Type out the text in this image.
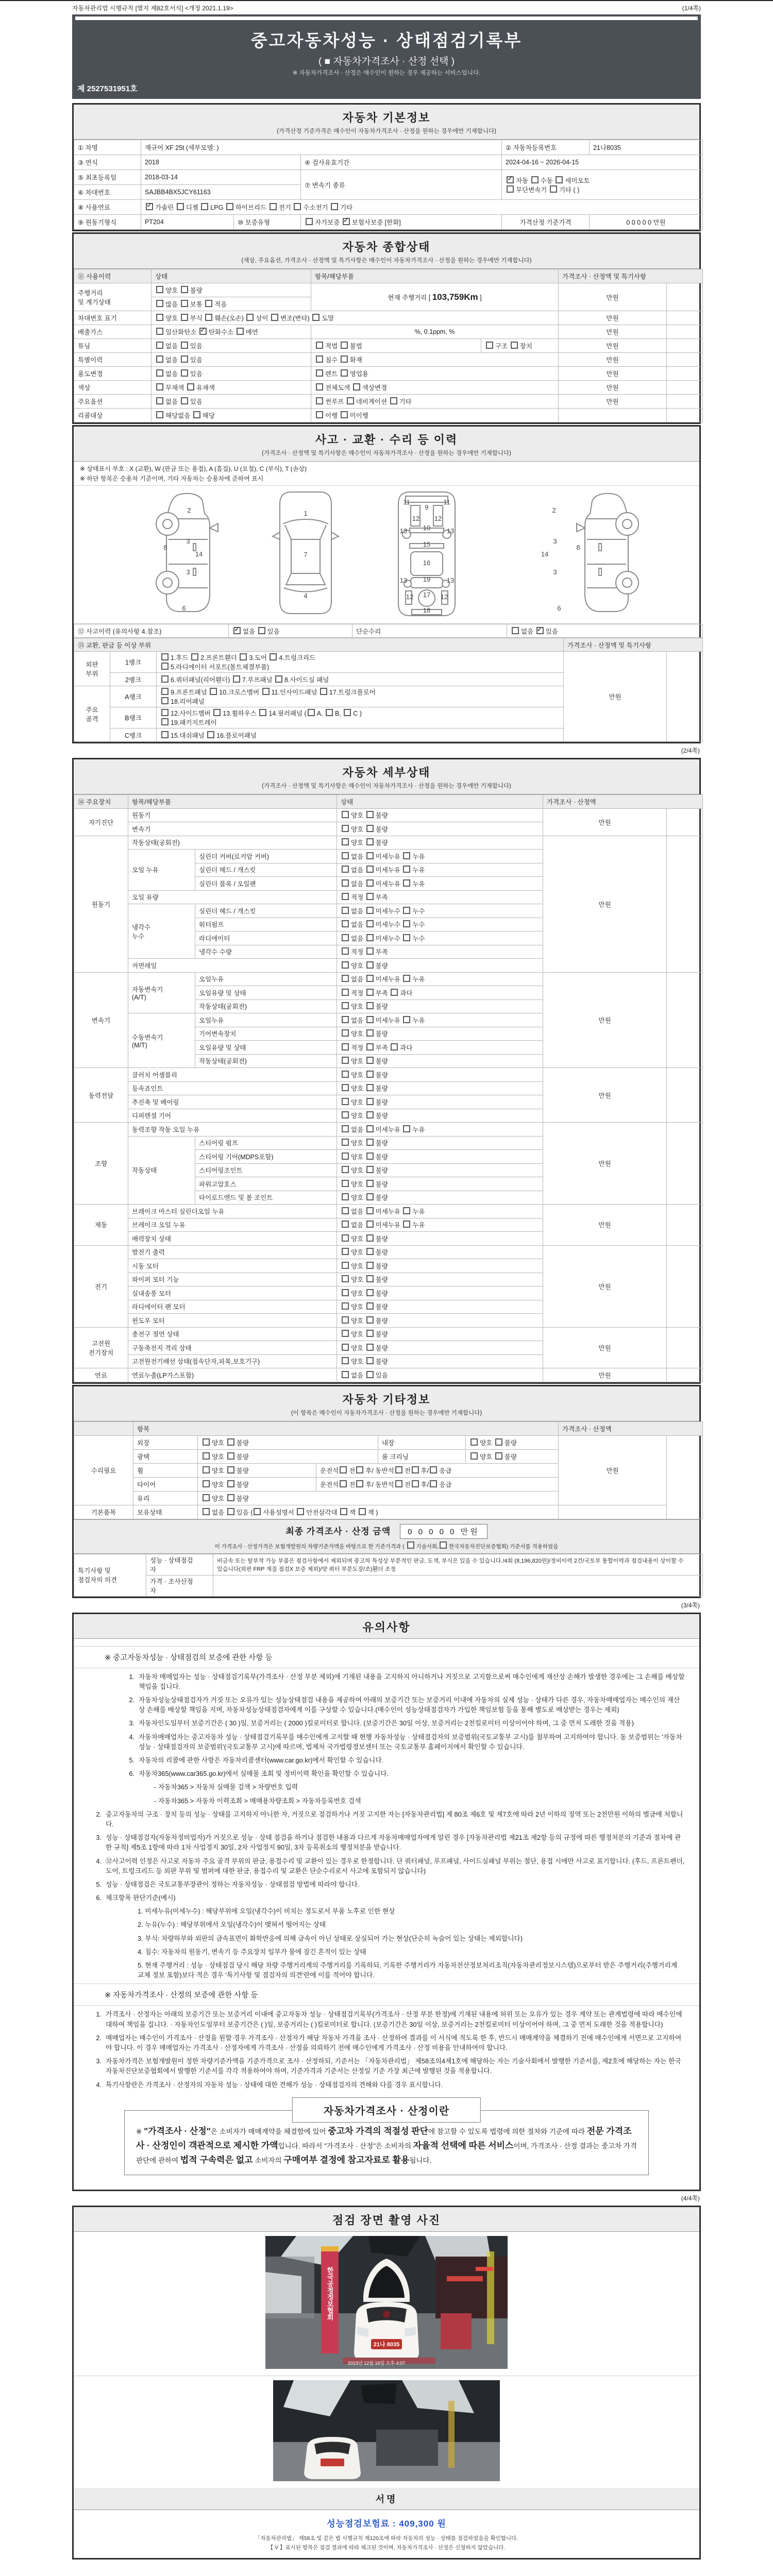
자동차관리법 시행규칙 [별지 제82호서식] <개정 2021.1.19>	(1/4쪽)
중고자동차성능 · 상태점검기록부
( ■ 자동차가격조사 · 산정 선택 )
※ 자동차가격조사 · 산정은 매수인이 원하는 경우 제공하는 서비스입니다.
제 2527531951호
자동차 기본정보

(가격산정 기준가격은 매수인이 자동차가격조사 · 산정을 원하는 경우에만 기재합니다)

① 차명	재규어 XF 25t (세부모델: )			② 자동차등록번호	21나8035
③ 연식	2018		④ 검사유효기간	2024-04-16 ~ 2026-04-15	
⑤ 최초등록일	2018-03-14		⑦ 변속기 종류	✓자동 수동 세미오토
무단변속기 기타 ( )
⑥ 차대번호	SAJBB4BX5JCY61163				
⑧ 사용연료	✓가솔린 디젤 LPG 하이브리드 전기 수소전기 기타
⑨ 원동기형식	PT204	⑩ 보증유형	자가보증 ✓보험사보증 [한화]	가격산정 기준가격	0 0 0 0 0 만원
자동차 종합상태

(색상, 주요옵션, 가격조사 · 산정액 및 특기사항은 매수인이 자동차가격조사 · 산정을 원하는 경우에만 기재합니다)

⑪ 사용이력	상태	항목/해당부품		가격조사 · 산정액 및 특기사항	
주행거리
및 계기상태	양호 불량	현재 주행거리 [ 103,759Km ]		만원	
	많음 보통 적음				
차대번호 표기	양호 부식 훼손(오손) 상이 변조(변타) 도말			만원	
배출가스	일산화탄소 ✓탄화수소 매연	%, 0.1ppm, %		만원	
튜닝	없음 있음	적법 불법	구조 장치	만원	
특별이력	없음 있음	침수 화재		만원	
용도변경	없음 있음	렌트 영업용		만원	
색상	무채색 유채색	전체도색 색상변경		만원	
주요옵션	없음 있음	썬루프 네비게이션 기타		만원	
리콜대상	해당없음 해당	이행 미이행			
사고 · 교환 · 수리 등 이력

(가격조사 · 산정액 및 특기사항은 매수인이 자동차가격조사 · 산정을 원하는 경우에만 기재합니다)

※ 상태표시 부호 : X (교환), W (판금 또는 용접), A (흠집), U (요철), C (부식), T (손상)
※ 하단 항목은 승용차 기준이며, 기타 자동차는 승용차에 준하여 표시
2
8
3
14
3
6
1
7
4
11
9
11
12 12
13	13
10
15
16
13 19 13
17
12	12
18
2
8
3
14
3
6
⑫ 사고이력 (유의사항 4.참조)	✓없음 있음	단순수리	없음 ✓있음
⑬ 교환, 판금 등 이상 부위			가격조사 · 산정액 및 특기사항	
외판
부위	1랭크	1.후드 2.프론트휀더 3.도어 4.트렁크리드
5.라디에이터 서포트(볼트체결부품)	만원	
	2랭크	6.쿼터패널(리어휀더) 7.루프패널 8.사이드실 패널		
주요
골격	A랭크	9.프론트패널 10.크로스멤버 11.인사이드패널 17.트렁크플로어
18.리어패널		
	B랭크	12.사이드멤버 13.휠하우스 14.필러패널 ( A, B, C )
19.패키지트레이		
	C랭크	15.대쉬패널 16.플로어패널		
(2/4쪽)
자동차 세부상태

(가격조사 · 산정액 및 특기사항은 매수인이 자동차가격조사 · 산정을 원하는 경우에만 기재합니다)

⑭ 주요장치	항목/해당부품		상태	가격조사 · 산정액	
자기진단	원동기		양호 불량	만원	
	변속기		양호 불량		
원동기	작동상태(공회전)		양호 불량	만원	
	오일 누유	실린더 커버(로커암 커버)	없음 미세누유 누유		
		실린더 헤드 / 개스킷	없음 미세누유 누유		
		실린더 블록 / 오일팬	없음 미세누유 누유		
	오일 유량		적정 부족		
	냉각수
누수	실린더 헤드 / 개스킷	없음 미세누수 누수		
		워터펌프	없음 미세누수 누수		
		라디에이터	없음 미세누수 누수		
		냉각수 수량	적정 부족		
	커먼레일		양호 불량		
변속기	자동변속기
(A/T)	오일누유	없음 미세누유 누유	만원	
		오일유량 및 상태	적정 부족 과다		
		작동상태(공회전)	양호 불량		
	수동변속기
(M/T)	오일누유	없음 미세누유 누유		
		기어변속장치	양호 불량		
		오일유량 및 상태	적정 부족 과다		
		작동상태(공회전)	양호 불량		
동력전달	클러치 어셈블리		양호 불량	만원	
	등속죠인트		양호 불량		
	추진축 및 베어링		양호 불량		
	디퍼렌셜 기어		양호 불량		
조향	동력조향 작동 오일 누유		없음 미세누유 누유	만원	
	작동상태	스티어링 펌프	양호 불량		
		스티어링 기어(MDPS포함)	양호 불량		
		스티어링조인트	양호 불량		
		파워고압호스	양호 불량		
		타이로드엔드 및 볼 조인트	양호 불량		
제동	브레이크 마스터 실린더오일 누유		없음 미세누유 누유	만원	
	브레이크 오일 누유		없음 미세누유 누유		
	배력장치 상태		양호 불량		
전기	발전기 출력		양호 불량	만원	
	시동 모터		양호 불량		
	와이퍼 모터 기능		양호 불량		
	실내송풍 모터		양호 불량		
	라디에이터 팬 모터		양호 불량		
	윈도우 모터		양호 불량		
고전원
전기장치	충전구 절연 상태		양호 불량	만원	
	구동축전지 격리 상태		양호 불량		
	고전원전기배선 상태(접속단자,피복,보호기구)		양호 불량		
연료	연료누출(LP가스포함)		없음 있음	만원	
자동차 기타정보

(이 항목은 매수인이 자동차가격조사 · 산정을 원하는 경우에만 기재합니다)

	항목					가격조사 · 산정액	
수리필요	외장	양호 불량		내장	양호 불량	만원	
	광택	양호 불량		룸 크리닝	양호 불량		
	휠	양호 불량	운전석 전 후/ 동반석 전 후/ 응급				
	타이어	양호 불량	운전석 전 후/ 동반석 전 후/ 응급				
	유리	양호 불량					
기본품목	보유상태	없음 있음 ( 사용설명서 안전삼각대 잭 잭 )					
최종 가격조사 · 산정 금액 0 0 0 0 0 만원
이 가격조사 · 산정가격은 보험개발원의 차량기준가액을 바탕으로 한 기준가격과 ( 기술사회, 한국자동차진단보증협회) 기준서를 적용하였음
특기사항 및
점검자의 의견	성능 · 상태점검
자	비금속 또는 탈부착 가능 부품은 점검사항에서 제외되며 중고차 특성상 부분적인 판금, 도색, 부식은 있을 수 있습니다./4회 (8,196,820원)/정비이력 2건/국토부 통합이력과 점검내용이 상이할 수 있습니다(외판 FRP 재질 점검X 보증 제외)/양 쿼터 부분도장/조)휀더 조정
	가격 · 조사산정
자	
(3/4쪽)
유의사항
※ 중고자동차성능 · 상태점검의 보증에 관한 사항 등
1. 자동차 매매업자는 성능 · 상태점검기록부(가격조사 · 산정 부분 제외)에 기재된 내용을 고지하지 아니하거나 거짓으로 고지함으로써 매수인에게 재산상 손해가 발생한 경우에는 그 손해를 배상할 책임을 집니다.
2. 자동차성능상태점검자가 거짓 또는 오류가 있는 성능상태점검 내용을 제공하여 아래의 보증기간 또는 보증거리 이내에 자동차의 실제 성능 · 상태가 다른 경우, 자동차매매업자는 매수인의 재산상 손해를 배상할 책임을 지며, 자동차성능상태점검자에게 이를 구상할 수 있습니다.(매수인이 성능상태점검자가 가입한 책임보험 등을 통해 별도로 배상받는 경우는 제외)
3. 자동차인도일부터 보증기간은 ( 30 )일, 보증거리는 ( 2000 )킬로미터로 합니다. (보증기간은 30일 이상, 보증거리는 2천킬로미터 이상이어야 하며, 그 중 먼저 도래한 것을 적용)
4. 자동차매매업자는 중고자동차 성능 · 상태점검기록부를 매수인에게 고지할 때 현행 자동차성능 · 상태점검자의 보증범위(국토교통부 고시)를 첨부하여 고지하여야 합니다. 동 보증범위는 '자동차성능 · 상태점검자의 보증범위'(국토교통부 고시)에 따르며, 법제처 국가법령정보센터 또는 국토교통부 홈페이지에서 확인할 수 있습니다.
5. 자동차의 리콜에 관한 사항은 자동차리콜센터(www.car.go.kr)에서 확인할 수 있습니다.
6. 자동차365(www.car365.go.kr)에서 실매물 조회 및 정비이력 확인을 확인할 수 있습니다.
- 자동차365 > 자동차 실매물 검색 > 차량번호 입력
- 자동차365 > 자동차 이력조회 > 매매용차량조회 > 자동차등록번호 검색
2. 중고자동차의 구조 · 장치 등의 성능 · 상태를 고지하지 아니한 자, 거짓으로 점검하거나 거짓 고지한 자는 [자동차관리법] 제 80조 제6호 및 제7호에 따라 2년 이하의 징역 또는 2천만원 이하의 벌금에 처합니다.
3. 성능 · 상태점검자(자동차정비업자)가 거짓으로 성능 · 상태 점검을 하거나 점검한 내용과 다르게 자동차매매업자에게 알린 경우 [자동차관리법 제21조 제2항 등의 규정에 따른 행정처분의 기준과 절차에 관한 규칙] 제5조 1항에 따라 1차 사업정지 30일, 2차 사업정지 90일, 3차 등록취소의 행정처분을 받습니다.
4. ⑫사고이력 인정은 사고로 자동차 주요 골격 부위의 판금, 용접수리 및 교환이 있는 경우로 한정합니다. 단 쿼터패널, 루프패널, 사이드실패널 부위는 절단, 용접 시에만 사고로 표기합니다. (후드, 프론트펜더, 도어, 트렁크리드 등 외판 부위 및 범퍼에 대한 판금, 용접수리 및 교환은 단순수리로서 사고에 포함되지 않습니다)
5. 성능 · 상태점검은 국토교통부장관이 정하는 자동차성능 · 상태점검 방법에 따라야 합니다.
6. 체크항목 판단기준(예시)
1. 미세누유(미세누수) : 해당부위에 오일(냉각수)이 비치는 정도로서 부품 노후로 인한 현상
2. 누유(누수) : 해당부위에서 오일(냉각수)이 맺혀서 떨어지는 상태
3. 부식: 차량하부와 외판의 금속표면이 화학반응에 의해 금속이 아닌 상태로 상실되어 가는 현상(단순히 녹슬어 있는 상태는 제외합니다)
4. 침수: 자동차의 원동기, 변속기 등 주요장치 일부가 물에 잠긴 흔적이 있는 상태
5. 현재 주행거리 : 성능 · 상태점검 당시 해당 차량 주행거리계의 주행거리를 기록하되, 기록한 주행거리가 자동차전산정보처리조직(자동차관리정보시스템)으로부터 받은 주행거리(주행거리계 교체 정보 포함)보다 적은 경우 '특기사항 및 점검자의 의견'란에 이를 적어야 합니다.
※ 자동차가격조사 · 산정의 보증에 관한 사항 등
1. 가격조사 · 산정자는 아래의 보증기간 또는 보증거리 이내에 중고자동차 성능 · 상태점검기록부(가격조사 · 산정 부분 한정)에 기재된 내용에 허위 또는 오류가 있는 경우 계약 또는 관계법령에 따라 매수인에 대하여 책임을 집니다. · 자동차인도일부터 보증기간은 ( )일, 보증거리는 ( )킬로미터로 합니다. (보증기간은 30일 이상, 보증거리는 2천킬로미터 이상이어야 하며, 그 중 먼저 도래한 것을 적용합니다)
2. 매매업자는 매수인이 가격조사 · 산정을 원할 경우 가격조사 · 산정자가 해당 자동차 가격을 조사 · 산정하여 결과를 이 서식에 적도록 한 후, 반드시 매매계약을 체결하기 전에 매수인에게 서면으로 고지하여야 합니다. 이 경우 매매업자는 가격조사 · 산정자에게 가격조사 · 산정을 의뢰하기 전에 매수인에게 가격조사 · 산정 비용을 안내하여야 합니다.
3. 자동차가격은 보험개발원이 정한 차량기준가액을 기준가격으로 조사 · 산정하되, 기준서는 「자동차관리법」 제58조의4제1호에 해당하는 자는 기술사회에서 발행한 기준서를, 제2호에 해당하는 자는 한국자동차진단보증협회에서 발행한 기준서를 각각 적용하여야 하며, 기준가격과 기준서는 산정일 기준 가장 최근에 발행된 것을 적용합니다.
4. 특기사항란은 가격조사 · 산정자의 자동차 성능 · 상태에 대한 견해가 성능 · 상태점검자의 견해와 다를 경우 표시합니다.
자동차가격조사 · 산정이란
※ "가격조사 · 산정"은 소비자가 매매계약을 체결함에 있어 중고차 가격의 적절성 판단에 참고할 수 있도록 법령에 의한 절차와 기준에 따라 전문 가격조사 · 산정인이 객관적으로 제시한 가액입니다. 따라서 "가격조사 · 산정"은 소비자의 자율적 선택에 따른 서비스이며, 가격조사 · 산정 결과는 중고차 가격판단에 관하여 법적 구속력은 없고 소비자의 구매여부 결정에 참고자료로 활용됩니다.
(4/4쪽)
점검 장면 촬영 사진
한국공정정보협회
21나 8035
2023년 12월 16일 오후 4:07
서명
성능점검보험료 : 409,300 원
「자동차관리법」 제58조 및 같은 법 시행규칙 제120조에 따라 자동차의 성능 · 상태를 점검하였음을 확인합니다.
【 V 】표시된 항목은 점검 결과에 따라 체크된 것이며, 자동차가격조사 · 산정은 신청하지 않았습니다.
